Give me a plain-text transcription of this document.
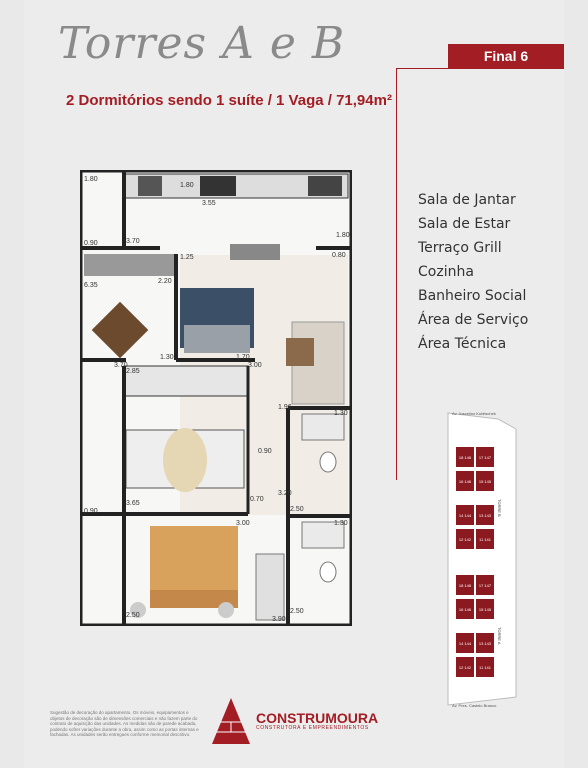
Torres A e B
2 Dormitórios sendo 1 suíte / 1 Vaga / 71,94m²
Final 6
Sala de Jantar
Sala de Estar
Terraço Grill
Cozinha
Banheiro Social
Área de Serviço
Área Técnica
1.80
1.80
3.55
0.90	3.70
1.80
1.25	0.80
2.20
6.35
1.30	1.70
3.00
3.70
2.85
1.96
1.30
0.90
0.70
3.20
2.50
3.65
0.90
3.00	1.30
2.50
3.90
2.50
Av. Juscelino Kubitschek
Av. Pres. Castelo Branco
TORRE B
TORRE A
18 148 17 147
16 146 15 145
14 144 13 143
12 142 11 141
18 148 17 147
16 146 15 145
14 144 13 143
12 142 11 141
Sugestão de decoração do apartamento. Os móveis, equipamentos e objetos de decoração são de dimensões comerciais e não fazem parte do contrato de aquisição das unidades. As medidas são de parede acabada, podendo sofrer variações durante a obra, assim como as portas internas e fachadas. As unidades serão entregues conforme memorial descritivo.
CONSTRUMOURA
CONSTRUTORA E EMPREENDIMENTOS
